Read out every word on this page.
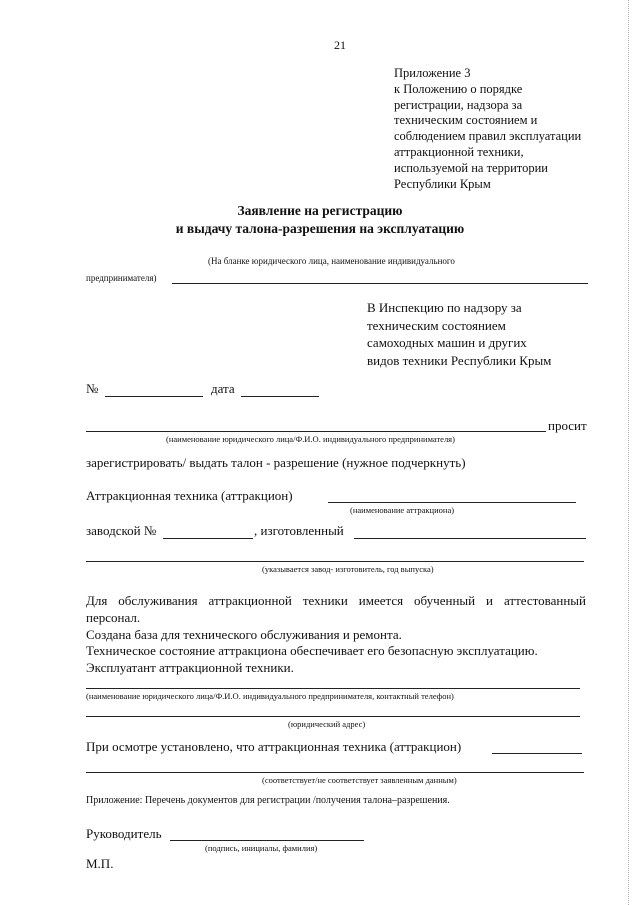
21
Приложение 3
к Положению о порядке
регистрации, надзора за
техническим состоянием и
соблюдением правил эксплуатации
аттракционной техники,
используемой на территории
Республики Крым
Заявление на регистрацию
и выдачу талона-разрешения на эксплуатацию
(На бланке юридического лица, наименование индивидуального
предпринимателя)
В Инспекцию по надзору за
техническим состоянием
самоходных машин и других
видов техники Республики Крым
№	дата
просит
(наименование юридического лица/Ф.И.О. индивидуального предпринимателя)
зарегистрировать/ выдать талон - разрешение (нужное подчеркнуть)
Аттракционная техника (аттракцион)
(наименование аттракциона)
заводской №	, изготовленный
(указывается завод- изготовитель, год выпуска)
Для обслуживания аттракционной техники имеется обученный и аттестованный
персонал.
Создана база для технического обслуживания и ремонта.
Техническое состояние аттракциона обеспечивает его безопасную эксплуатацию.
Эксплуатант аттракционной техники.
(наименование юридического лица/Ф.И.О. индивидуального предпринимателя, контактный телефон)
(юридический адрес)
При осмотре установлено, что аттракционная техника (аттракцион)
(соответствует/не соответствует заявленным данным)
Приложение: Перечень документов для регистрации /получения талона–разрешения.
Руководитель
(подпись, инициалы, фамилия)
М.П.
